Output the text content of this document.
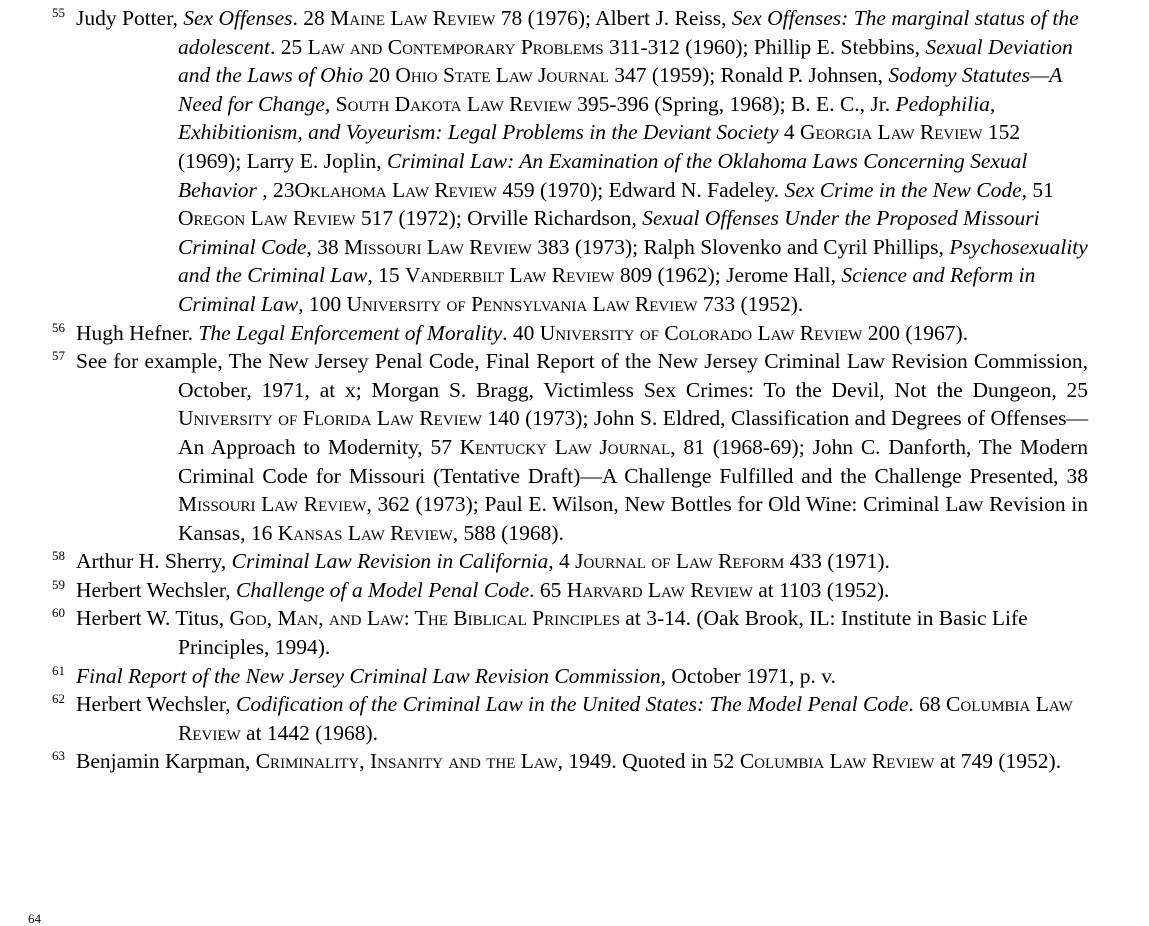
55 Judy Potter, Sex Offenses. 28 Maine Law Review 78 (1976); Albert J. Reiss, Sex Offenses: The marginal status of the adolescent. 25 Law and Contemporary Problems 311-312 (1960); Phillip E. Stebbins, Sexual Deviation and the Laws of Ohio 20 Ohio State Law Journal 347 (1959); Ronald P. Johnsen, Sodomy Statutes—A Need for Change, South Dakota Law Review 395-396 (Spring, 1968); B. E. C., Jr. Pedophilia, Exhibitionism, and Voyeurism: Legal Problems in the Deviant Society 4 Georgia Law Review 152 (1969); Larry E. Joplin, Criminal Law: An Examination of the Oklahoma Laws Concerning Sexual Behavior , 23Oklahoma Law Review 459 (1970); Edward N. Fadeley. Sex Crime in the New Code, 51 Oregon Law Review 517 (1972); Orville Richardson, Sexual Offenses Under the Proposed Missouri Criminal Code, 38 Missouri Law Review 383 (1973); Ralph Slovenko and Cyril Phillips, Psychosexuality and the Criminal Law, 15 Vanderbilt Law Review 809 (1962); Jerome Hall, Science and Reform in Criminal Law, 100 University of Pennsylvania Law Review 733 (1952).

56 Hugh Hefner. The Legal Enforcement of Morality. 40 University of Colorado Law Review 200 (1967).

57 See for example, The New Jersey Penal Code, Final Report of the New Jersey Criminal Law Revision Commission, October, 1971, at x; Morgan S. Bragg, Victimless Sex Crimes: To the Devil, Not the Dungeon, 25 University of Florida Law Review 140 (1973); John S. Eldred, Classification and Degrees of Offenses—An Approach to Modernity, 57 Kentucky Law Journal, 81 (1968-69); John C. Danforth, The Modern Criminal Code for Missouri (Tentative Draft)—A Challenge Fulfilled and the Challenge Presented, 38 Missouri Law Review, 362 (1973); Paul E. Wilson, New Bottles for Old Wine: Criminal Law Revision in Kansas, 16 Kansas Law Review, 588 (1968).

58 Arthur H. Sherry, Criminal Law Revision in California, 4 Journal of Law Reform 433 (1971).

59 Herbert Wechsler, Challenge of a Model Penal Code. 65 Harvard Law Review at 1103 (1952).

60 Herbert W. Titus, God, Man, and Law: The Biblical Principles at 3-14. (Oak Brook, IL: Institute in Basic Life Principles, 1994).

61 Final Report of the New Jersey Criminal Law Revision Commission, October 1971, p. v.

62 Herbert Wechsler, Codification of the Criminal Law in the United States: The Model Penal Code. 68 Columbia Law Review at 1442 (1968).

63 Benjamin Karpman, Criminality, Insanity and the Law, 1949. Quoted in 52 Columbia Law Review at 749 (1952).

64
